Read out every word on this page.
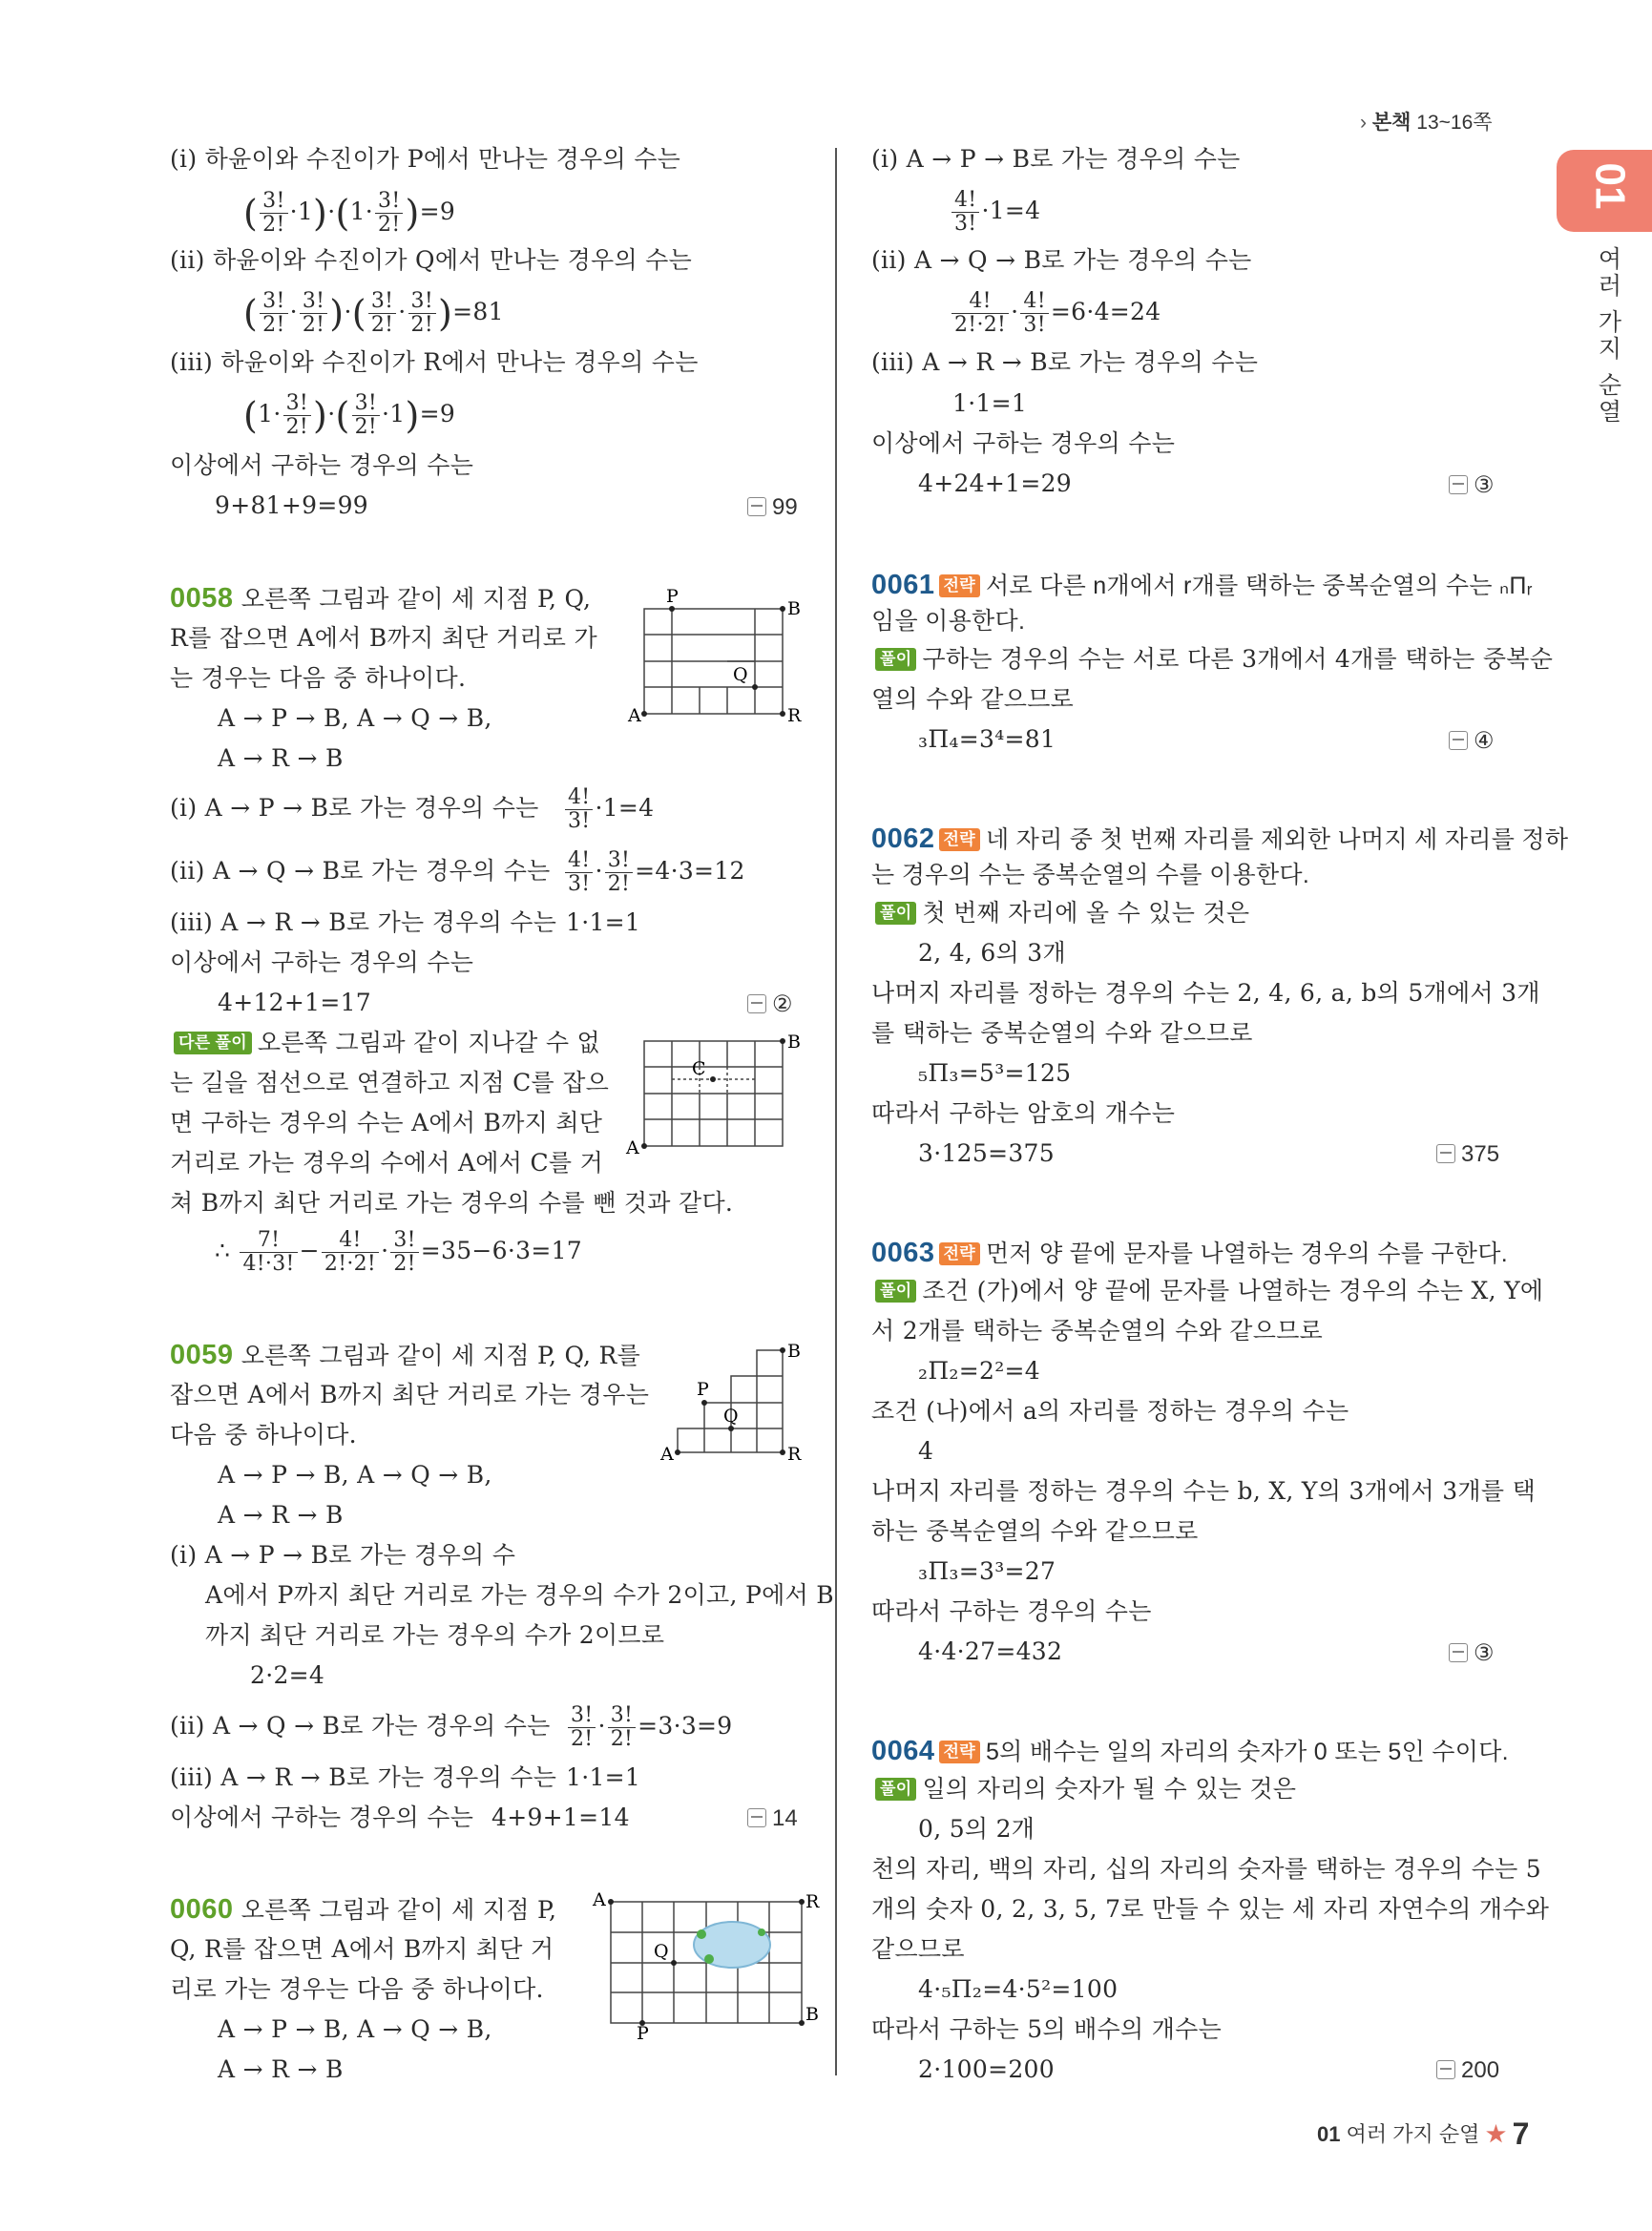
› 본책 13~16쪽
01
여러 가지 순열
(i) 하윤이와 수진이가 P에서 만나는 경우의 수는
( $\frac{3!}{2!} \cdot 1)\cdot(1\cdot \frac{3!}{2!} )=9$
(ii) 하윤이와 수진이가 Q에서 만나는 경우의 수는
( $\frac{3!}{2!} \cdot \frac{3!}{2!}$ )·( $\frac{3!}{2!} \cdot \frac{3!}{2!} )=81$
(iii) 하윤이와 수진이가 R에서 만나는 경우의 수는
($1\cdot \frac{3!}{2!}$ )·( $\frac{3!}{2!} \cdot 1)=9$
이상에서 구하는 경우의 수는
9+81+9=99	99
0058 오른쪽 그림과 같이 세 지점 P, Q,
R를 잡으면 A에서 B까지 최단 거리로 가
는 경우는 다음 중 하나이다.
A → P → B, A → Q → B,
A → R → B
A
P
Q
R
B
(i) A → P → B로 가는 경우의 수는 $\frac{4!}{3!} \cdot 1=4$
(ii) A → Q → B로 가는 경우의 수는 $\frac{4!}{3!} \cdot \frac{3!}{2!} =4\cdot 3=12$
(iii) A → R → B로 가는 경우의 수는 1·1=1
이상에서 구하는 경우의 수는
4+12+1=17	②
다른 풀이 오른쪽 그림과 같이 지나갈 수 없
는 길을 점선으로 연결하고 지점 C를 잡으
면 구하는 경우의 수는 A에서 B까지 최단
거리로 가는 경우의 수에서 A에서 C를 거
쳐 B까지 최단 거리로 가는 경우의 수를 뺀 것과 같다.
A
C
B
∴ $\frac{7!}{4!\cdot 3!} - \frac{4!}{2!\cdot 2!} \cdot \frac{3!}{2!} =35-6\cdot 3=17$
0059 오른쪽 그림과 같이 세 지점 P, Q, R를
잡으면 A에서 B까지 최단 거리로 가는 경우는
다음 중 하나이다.
A → P → B, A → Q → B,
A → R → B
A
P
Q
R
B
(i) A → P → B로 가는 경우의 수
A에서 P까지 최단 거리로 가는 경우의 수가 2이고, P에서 B
까지 최단 거리로 가는 경우의 수가 2이므로
2·2=4
(ii) A → Q → B로 가는 경우의 수는 $\frac{3!}{2!} \cdot \frac{3!}{2!} =3\cdot 3=9$
(iii) A → R → B로 가는 경우의 수는 1·1=1
이상에서 구하는 경우의 수는 4+9+1=14	14
0060 오른쪽 그림과 같이 세 지점 P,
Q, R를 잡으면 A에서 B까지 최단 거
리로 가는 경우는 다음 중 하나이다.
A → P → B, A → Q → B,
A → R → B
A	R
Q
P
B
(i) A → P → B로 가는 경우의 수는
$\frac{4!}{3!} \cdot 1=4$
(ii) A → Q → B로 가는 경우의 수는
$\frac{4!}{2!\cdot 2!} \cdot \frac{4!}{3!} =6\cdot 4=24$
(iii) A → R → B로 가는 경우의 수는
1·1=1
이상에서 구하는 경우의 수는
4+24+1=29	③
0061 전략 서로 다른 n개에서 r개를 택하는 중복순열의 수는 ₙΠᵣ
임을 이용한다.
풀이 구하는 경우의 수는 서로 다른 3개에서 4개를 택하는 중복순
열의 수와 같으므로
₃Π₄=3⁴=81	④
0062 전략 네 자리 중 첫 번째 자리를 제외한 나머지 세 자리를 정하
는 경우의 수는 중복순열의 수를 이용한다.
풀이 첫 번째 자리에 올 수 있는 것은
2, 4, 6의 3개
나머지 자리를 정하는 경우의 수는 2, 4, 6, a, b의 5개에서 3개
를 택하는 중복순열의 수와 같으므로
₅Π₃=5³=125
따라서 구하는 암호의 개수는
3·125=375	375
0063 전략 먼저 양 끝에 문자를 나열하는 경우의 수를 구한다.
풀이 조건 (가)에서 양 끝에 문자를 나열하는 경우의 수는 X, Y에
서 2개를 택하는 중복순열의 수와 같으므로
₂Π₂=2²=4
조건 (나)에서 a의 자리를 정하는 경우의 수는
4
나머지 자리를 정하는 경우의 수는 b, X, Y의 3개에서 3개를 택
하는 중복순열의 수와 같으므로
₃Π₃=3³=27
따라서 구하는 경우의 수는
4·4·27=432	③
0064 전략 5의 배수는 일의 자리의 숫자가 0 또는 5인 수이다.
풀이 일의 자리의 숫자가 될 수 있는 것은
0, 5의 2개
천의 자리, 백의 자리, 십의 자리의 숫자를 택하는 경우의 수는 5
개의 숫자 0, 2, 3, 5, 7로 만들 수 있는 세 자리 자연수의 개수와
같으므로
4·₅Π₂=4·5²=100
따라서 구하는 5의 배수의 개수는
2·100=200	200
01 여러 가지 순열 ★ 7
